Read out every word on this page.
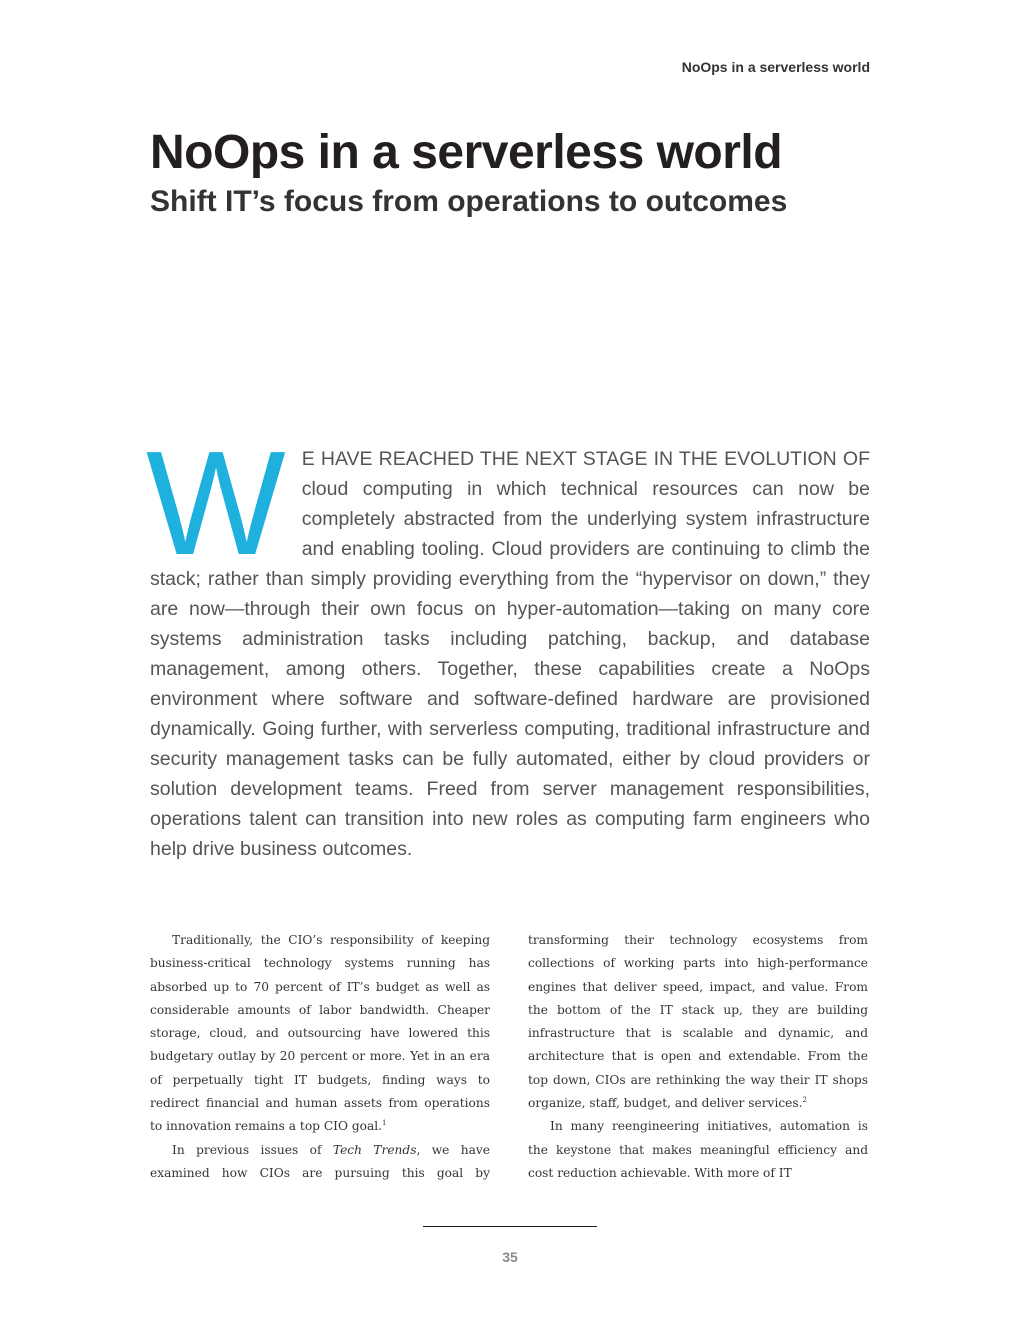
NoOps in a serverless world
NoOps in a serverless world
Shift IT’s focus from operations to outcomes

WE HAVE REACHED THE NEXT STAGE IN THE EVOLUTION OF cloud computing in which technical resources can now be completely abstracted from the underlying system infrastructure and enabling tooling. Cloud providers are continuing to climb the stack; rather than simply providing everything from the “hypervisor on down,” they are now—through their own focus on hyper-automation—taking on many core systems administration tasks including patching, backup, and database management, among others. Together, these capabilities create a NoOps environment where software and software-defined hardware are provisioned dynamically. Going further, with serverless computing, traditional infrastructure and security management tasks can be fully automated, either by cloud providers or solution development teams. Freed from server management responsibilities, operations talent can transition into new roles as computing farm engineers who help drive business outcomes.

Traditionally, the CIO’s responsibility of keeping business-critical technology systems running has absorbed up to 70 percent of IT’s budget as well as considerable amounts of labor bandwidth. Cheaper storage, cloud, and outsourcing have lowered this budgetary outlay by 20 percent or more. Yet in an era of perpetually tight IT budgets, finding ways to redirect financial and human assets from operations to innovation remains a top CIO goal.$^1$

In previous issues of Tech Trends, we have examined how CIOs are pursuing this goal by transforming their technology ecosystems from collections of working parts into high-performance engines that deliver speed, impact, and value. From the bottom of the IT stack up, they are building infrastructure that is scalable and dynamic, and architecture that is open and extendable. From the top down, CIOs are rethinking the way their IT shops organize, staff, budget, and deliver services.$^2$

In many reengineering initiatives, automation is the keystone that makes meaningful efficiency and cost reduction achievable. With more of IT

35
